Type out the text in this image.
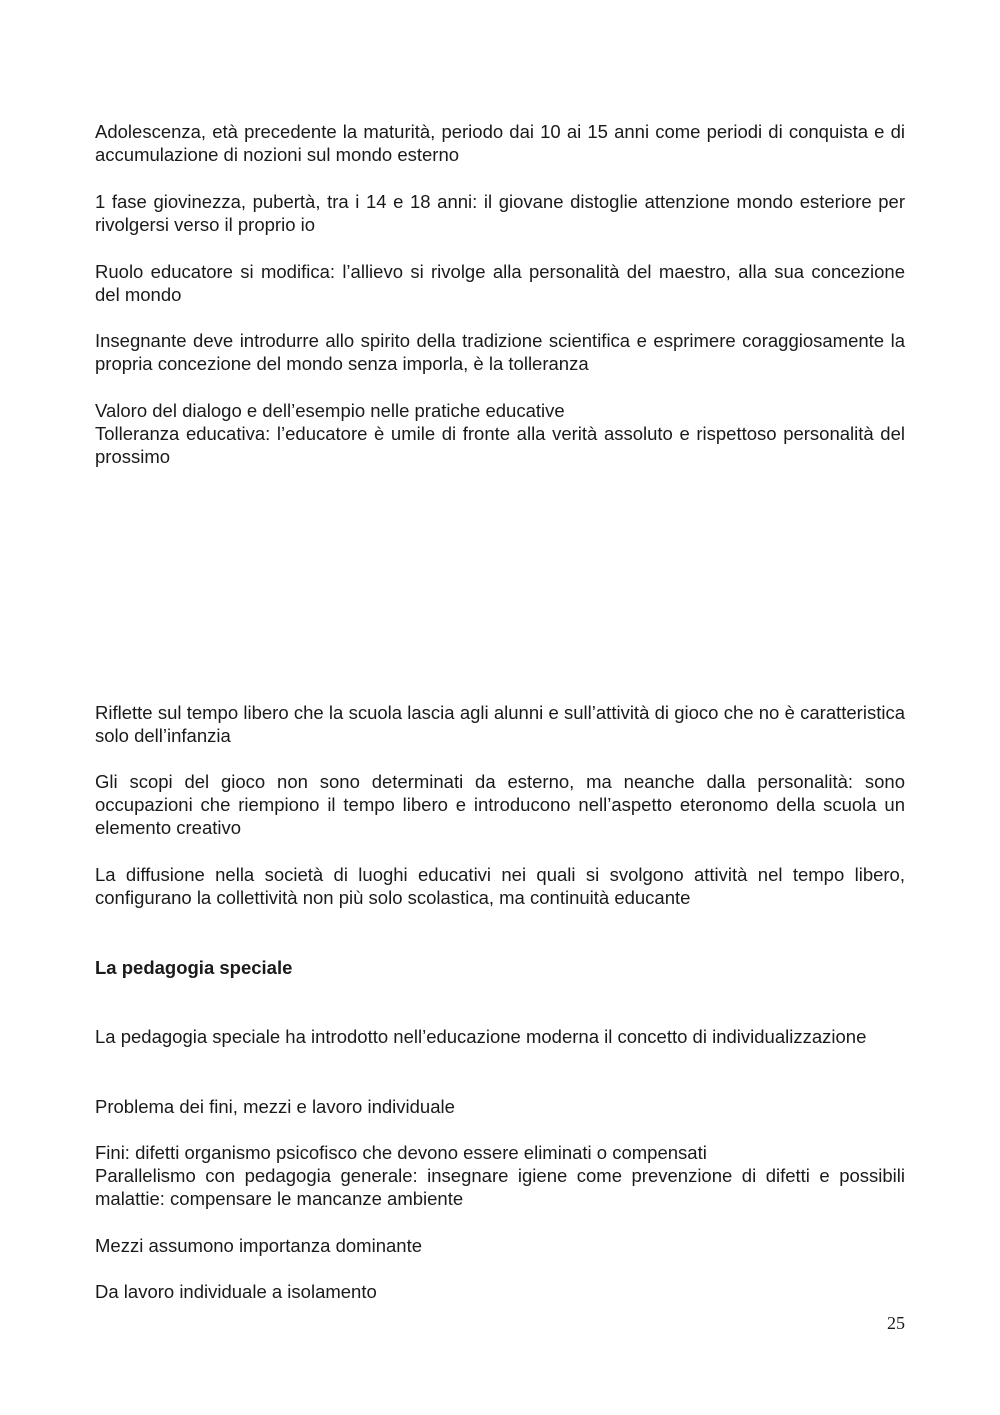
Adolescenza, età precedente la maturità, periodo dai 10 ai 15 anni come periodi di conquista e di accumulazione di nozioni sul mondo esterno

1 fase giovinezza, pubertà, tra i 14 e 18 anni: il giovane distoglie attenzione mondo esteriore per rivolgersi verso il proprio io

Ruolo educatore si modifica: l’allievo si rivolge alla personalità del maestro, alla sua concezione del mondo

Insegnante deve introdurre allo spirito della tradizione scientifica e esprimere coraggiosamente la propria concezione del mondo senza imporla, è la tolleranza

Valoro del dialogo e dell’esempio nelle pratiche educative

Tolleranza educativa: l’educatore è umile di fronte alla verità assoluto e rispettoso personalità del prossimo

Riflette sul tempo libero che la scuola lascia agli alunni e sull’attività di gioco che no è caratteristica solo dell’infanzia

Gli scopi del gioco non sono determinati da esterno, ma neanche dalla personalità: sono occupazioni che riempiono il tempo libero e introducono nell’aspetto eteronomo della scuola un elemento creativo

La diffusione nella società di luoghi educativi nei quali si svolgono attività nel tempo libero, configurano la collettività non più solo scolastica, ma continuità educante

La pedagogia speciale

La pedagogia speciale ha introdotto nell’educazione moderna il concetto di individualizzazione

Problema dei fini, mezzi e lavoro individuale

Fini: difetti organismo psicofisco che devono essere eliminati o compensati

Parallelismo con pedagogia generale: insegnare igiene come prevenzione di difetti e possibili malattie: compensare le mancanze ambiente

Mezzi assumono importanza dominante

Da lavoro individuale a isolamento

25
